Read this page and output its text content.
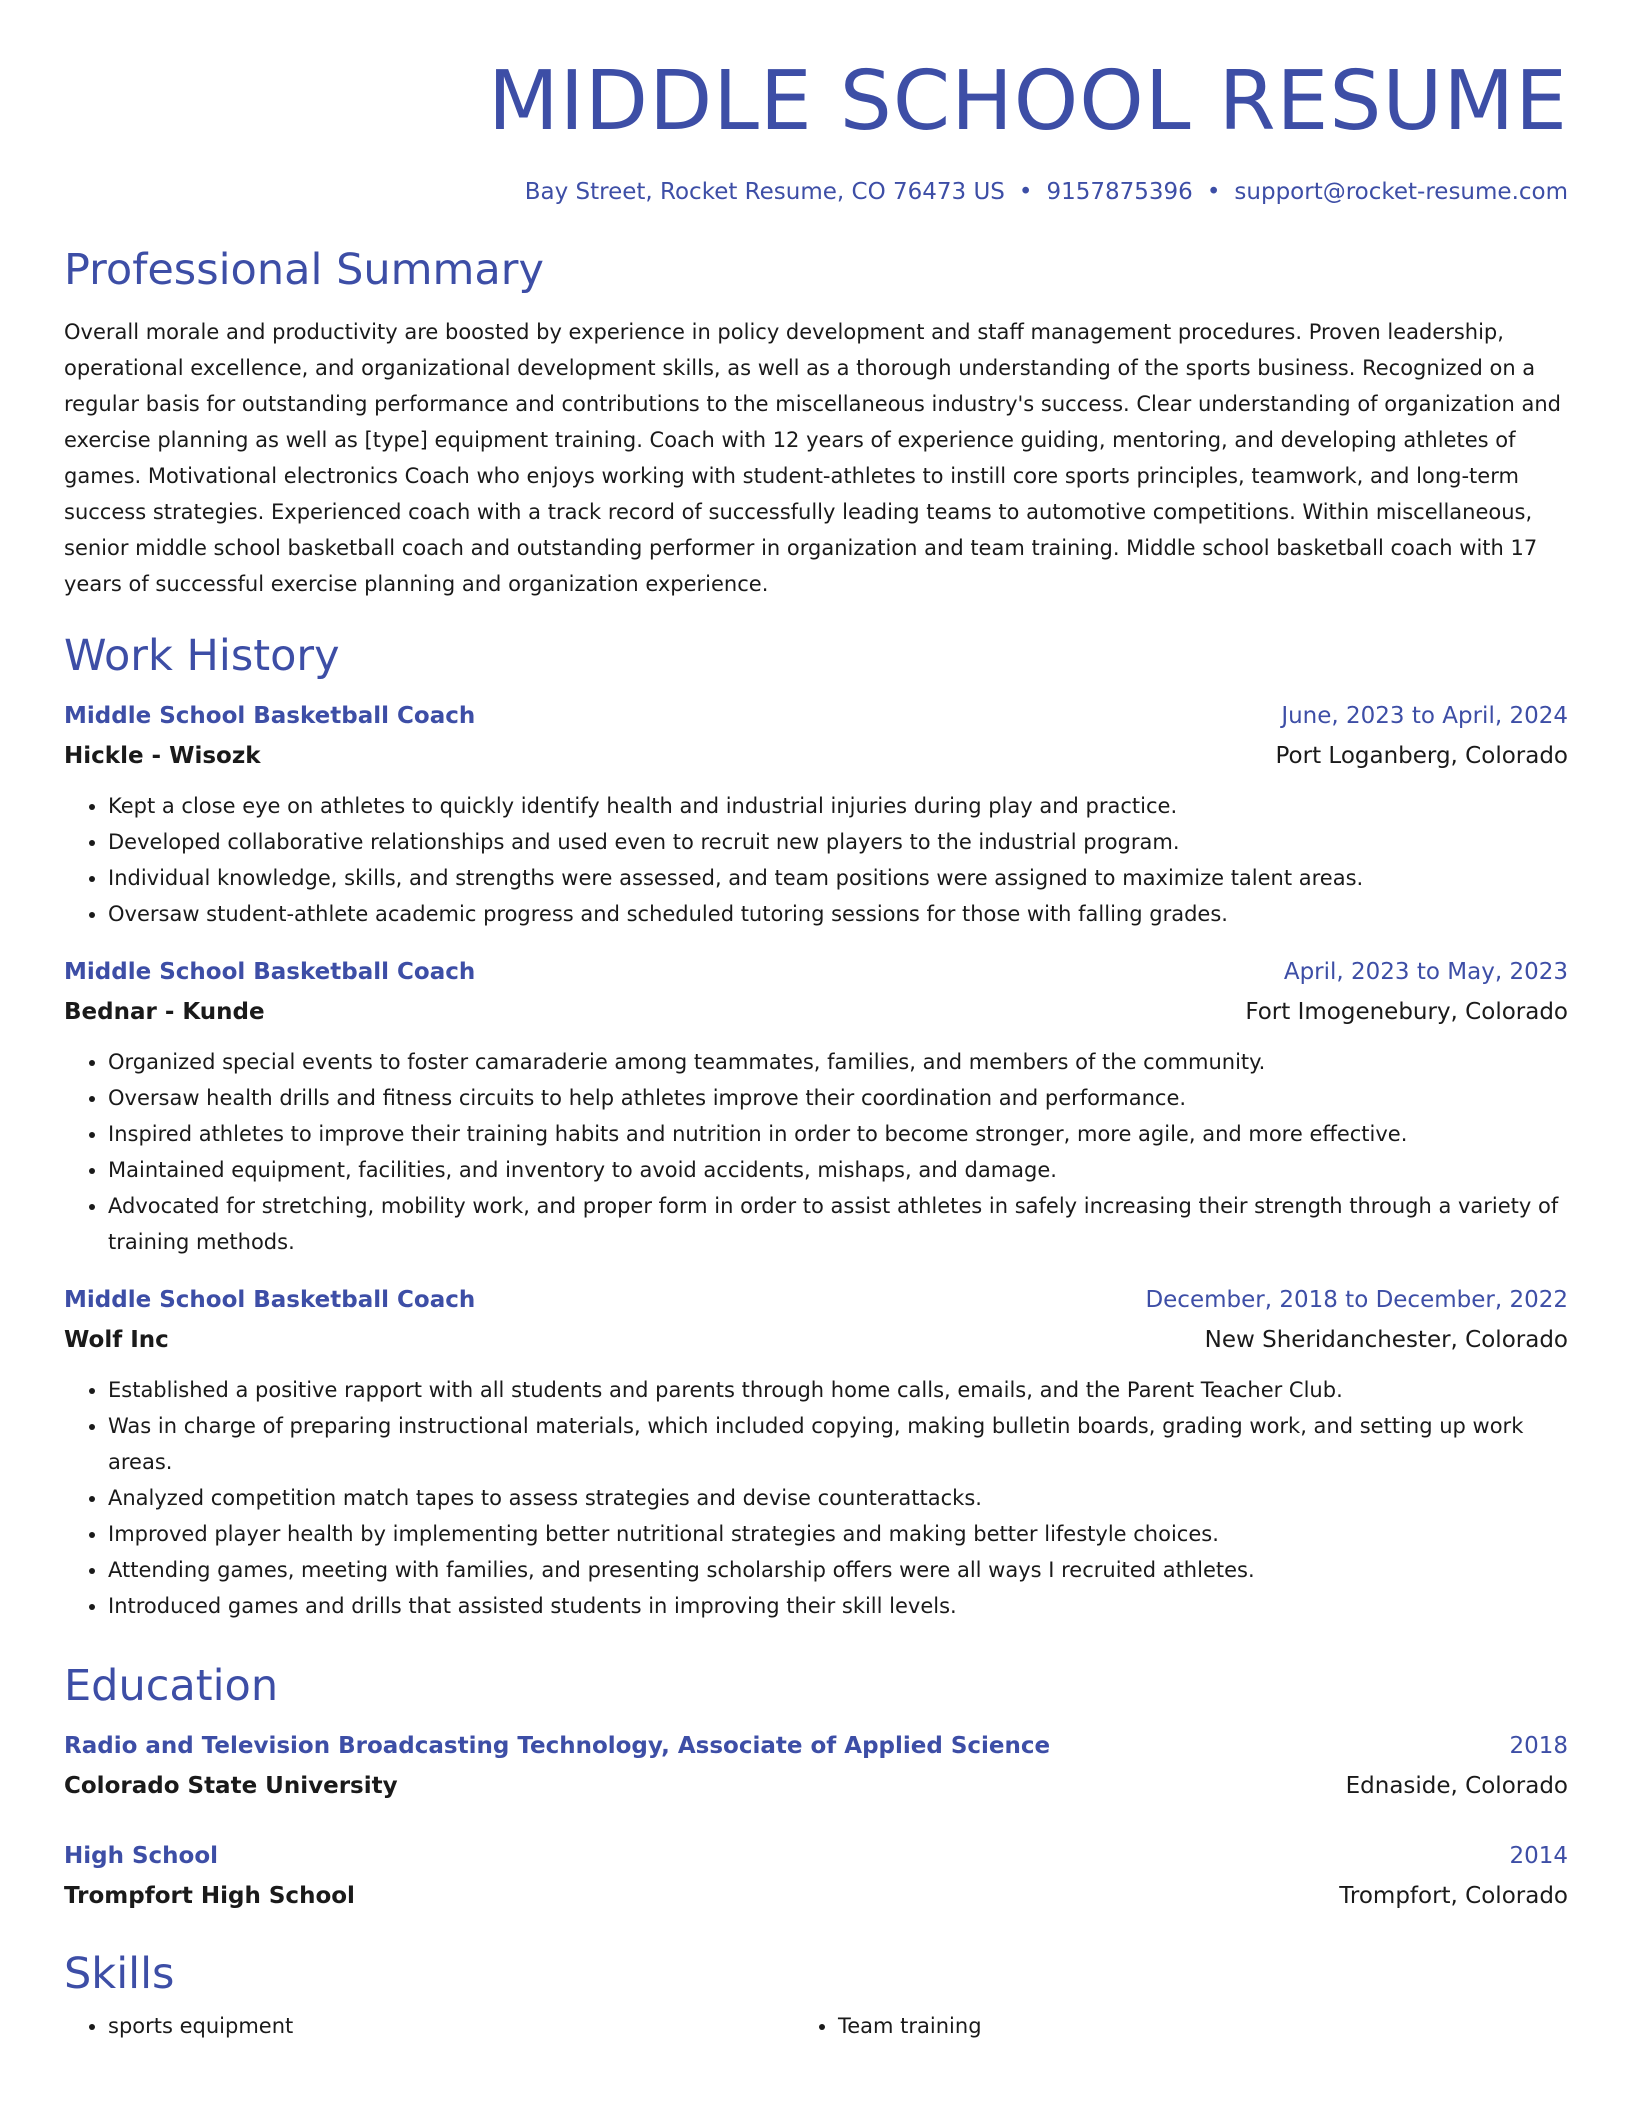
MIDDLE SCHOOL RESUME
Bay Street, Rocket Resume, CO 76473 US • 9157875396 • support@rocket-resume.com
Professional Summary
Overall morale and productivity are boosted by experience in policy development and staff management procedures. Proven leadership, operational excellence, and organizational development skills, as well as a thorough understanding of the sports business. Recognized on a regular basis for outstanding performance and contributions to the miscellaneous industry's success. Clear understanding of organization and exercise planning as well as [type] equipment training. Coach with 12 years of experience guiding, mentoring, and developing athletes of games. Motivational electronics Coach who enjoys working with student-athletes to instill core sports principles, teamwork, and long-term success strategies. Experienced coach with a track record of successfully leading teams to automotive competitions. Within miscellaneous, senior middle school basketball coach and outstanding performer in organization and team training. Middle school basketball coach with 17 years of successful exercise planning and organization experience.
Work History
Middle School Basketball Coach	June, 2023 to April, 2024
Hickle - Wisozk	Port Loganberg, Colorado
• Kept a close eye on athletes to quickly identify health and industrial injuries during play and practice.
• Developed collaborative relationships and used even to recruit new players to the industrial program.
• Individual knowledge, skills, and strengths were assessed, and team positions were assigned to maximize talent areas.
• Oversaw student-athlete academic progress and scheduled tutoring sessions for those with falling grades.
Middle School Basketball Coach	April, 2023 to May, 2023
Bednar - Kunde	Fort Imogenebury, Colorado
• Organized special events to foster camaraderie among teammates, families, and members of the community.
• Oversaw health drills and fitness circuits to help athletes improve their coordination and performance.
• Inspired athletes to improve their training habits and nutrition in order to become stronger, more agile, and more effective.
• Maintained equipment, facilities, and inventory to avoid accidents, mishaps, and damage.
• Advocated for stretching, mobility work, and proper form in order to assist athletes in safely increasing their strength through a variety of training methods.
Middle School Basketball Coach	December, 2018 to December, 2022
Wolf Inc	New Sheridanchester, Colorado
• Established a positive rapport with all students and parents through home calls, emails, and the Parent Teacher Club.
• Was in charge of preparing instructional materials, which included copying, making bulletin boards, grading work, and setting up work areas.
• Analyzed competition match tapes to assess strategies and devise counterattacks.
• Improved player health by implementing better nutritional strategies and making better lifestyle choices.
• Attending games, meeting with families, and presenting scholarship offers were all ways I recruited athletes.
• Introduced games and drills that assisted students in improving their skill levels.
Education
Radio and Television Broadcasting Technology, Associate of Applied Science	2018
Colorado State University	Ednaside, Colorado
High School	2014
Trompfort High School	Trompfort, Colorado
Skills
• sports equipment
•	Team training
